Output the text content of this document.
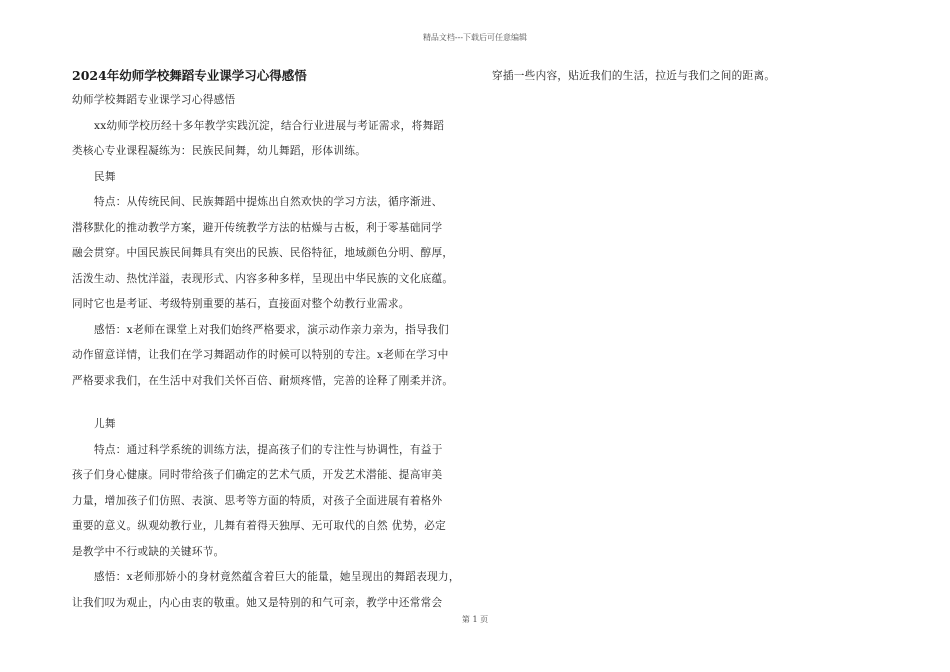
精品文档---下载后可任意编辑
2024年幼师学校舞蹈专业课学习心得感悟
幼师学校舞蹈专业课学习心得感悟
xx幼师学校历经十多年教学实践沉淀，结合行业进展与考证需求，将舞蹈
类核心专业课程凝练为：民族民间舞，幼儿舞蹈，形体训练。
民舞
特点：从传统民间、民族舞蹈中提炼出自然欢快的学习方法，循序渐进、
潜移默化的推动教学方案，避开传统教学方法的枯燥与古板，利于零基础同学
融会贯穿。中国民族民间舞具有突出的民族、民俗特征，地域颜色分明、醇厚，
活泼生动、热忱洋溢，表现形式、内容多种多样，呈现出中华民族的文化底蕴。
同时它也是考证、考级特别重要的基石，直接面对整个幼教行业需求。
感悟：x老师在课堂上对我们始终严格要求，演示动作亲力亲为，指导我们
动作留意详情，让我们在学习舞蹈动作的时候可以特别的专注。x老师在学习中
严格要求我们，在生活中对我们关怀百倍、耐烦疼惜，完善的诠释了刚柔并济。
儿舞
特点：通过科学系统的训练方法，提高孩子们的专注性与协调性，有益于
孩子们身心健康。同时带给孩子们确定的艺术气质，开发艺术潜能、提高审美
力量，增加孩子们仿照、表演、思考等方面的特质，对孩子全面进展有着格外
重要的意义。纵观幼教行业，儿舞有着得天独厚、无可取代的自然 优势，必定
是教学中不行或缺的关键环节。
感悟：x老师那娇小的身材竟然蕴含着巨大的能量，她呈现出的舞蹈表现力，
让我们叹为观止，内心由衷的敬重。她又是特别的和气可亲，教学中还常常会
穿插一些内容，贴近我们的生活，拉近与我们之间的距离。
第 1 页
